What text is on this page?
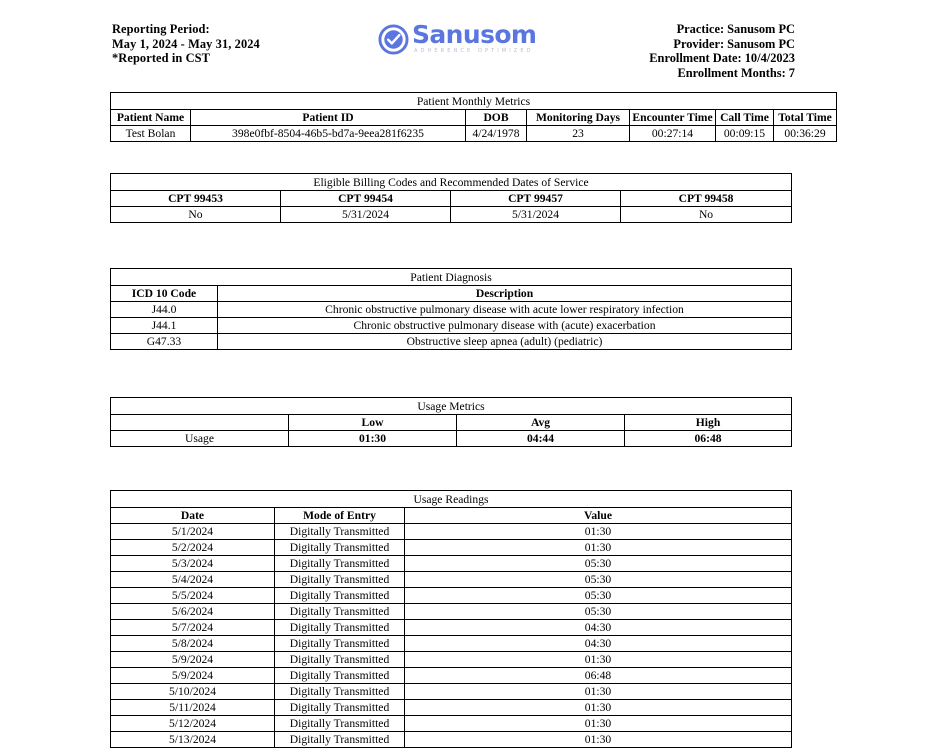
Reporting Period:
May 1, 2024 - May 31, 2024
*Reported in CST
Sanusom
ADHERENCE OPTIMIZED
Practice: Sanusom PC
Provider: Sanusom PC
Enrollment Date: 10/4/2023
Enrollment Months: 7
Patient Monthly Metrics						
Patient Name	Patient ID	DOB	Monitoring Days	Encounter Time	Call Time	Total Time
Test Bolan	398e0fbf-8504-46b5-bd7a-9eea281f6235	4/24/1978	23	00:27:14	00:09:15	00:36:29
Eligible Billing Codes and Recommended Dates of Service			
CPT 99453	CPT 99454	CPT 99457	CPT 99458
No	5/31/2024	5/31/2024	No
Patient Diagnosis	
ICD 10 Code	Description
J44.0	Chronic obstructive pulmonary disease with acute lower respiratory infection
J44.1	Chronic obstructive pulmonary disease with (acute) exacerbation
G47.33	Obstructive sleep apnea (adult) (pediatric)
Usage Metrics			
	Low	Avg	High
Usage	01:30	04:44	06:48
Usage Readings		
Date	Mode of Entry	Value
5/1/2024	Digitally Transmitted	01:30
5/2/2024	Digitally Transmitted	01:30
5/3/2024	Digitally Transmitted	05:30
5/4/2024	Digitally Transmitted	05:30
5/5/2024	Digitally Transmitted	05:30
5/6/2024	Digitally Transmitted	05:30
5/7/2024	Digitally Transmitted	04:30
5/8/2024	Digitally Transmitted	04:30
5/9/2024	Digitally Transmitted	01:30
5/9/2024	Digitally Transmitted	06:48
5/10/2024	Digitally Transmitted	01:30
5/11/2024	Digitally Transmitted	01:30
5/12/2024	Digitally Transmitted	01:30
5/13/2024	Digitally Transmitted	01:30
